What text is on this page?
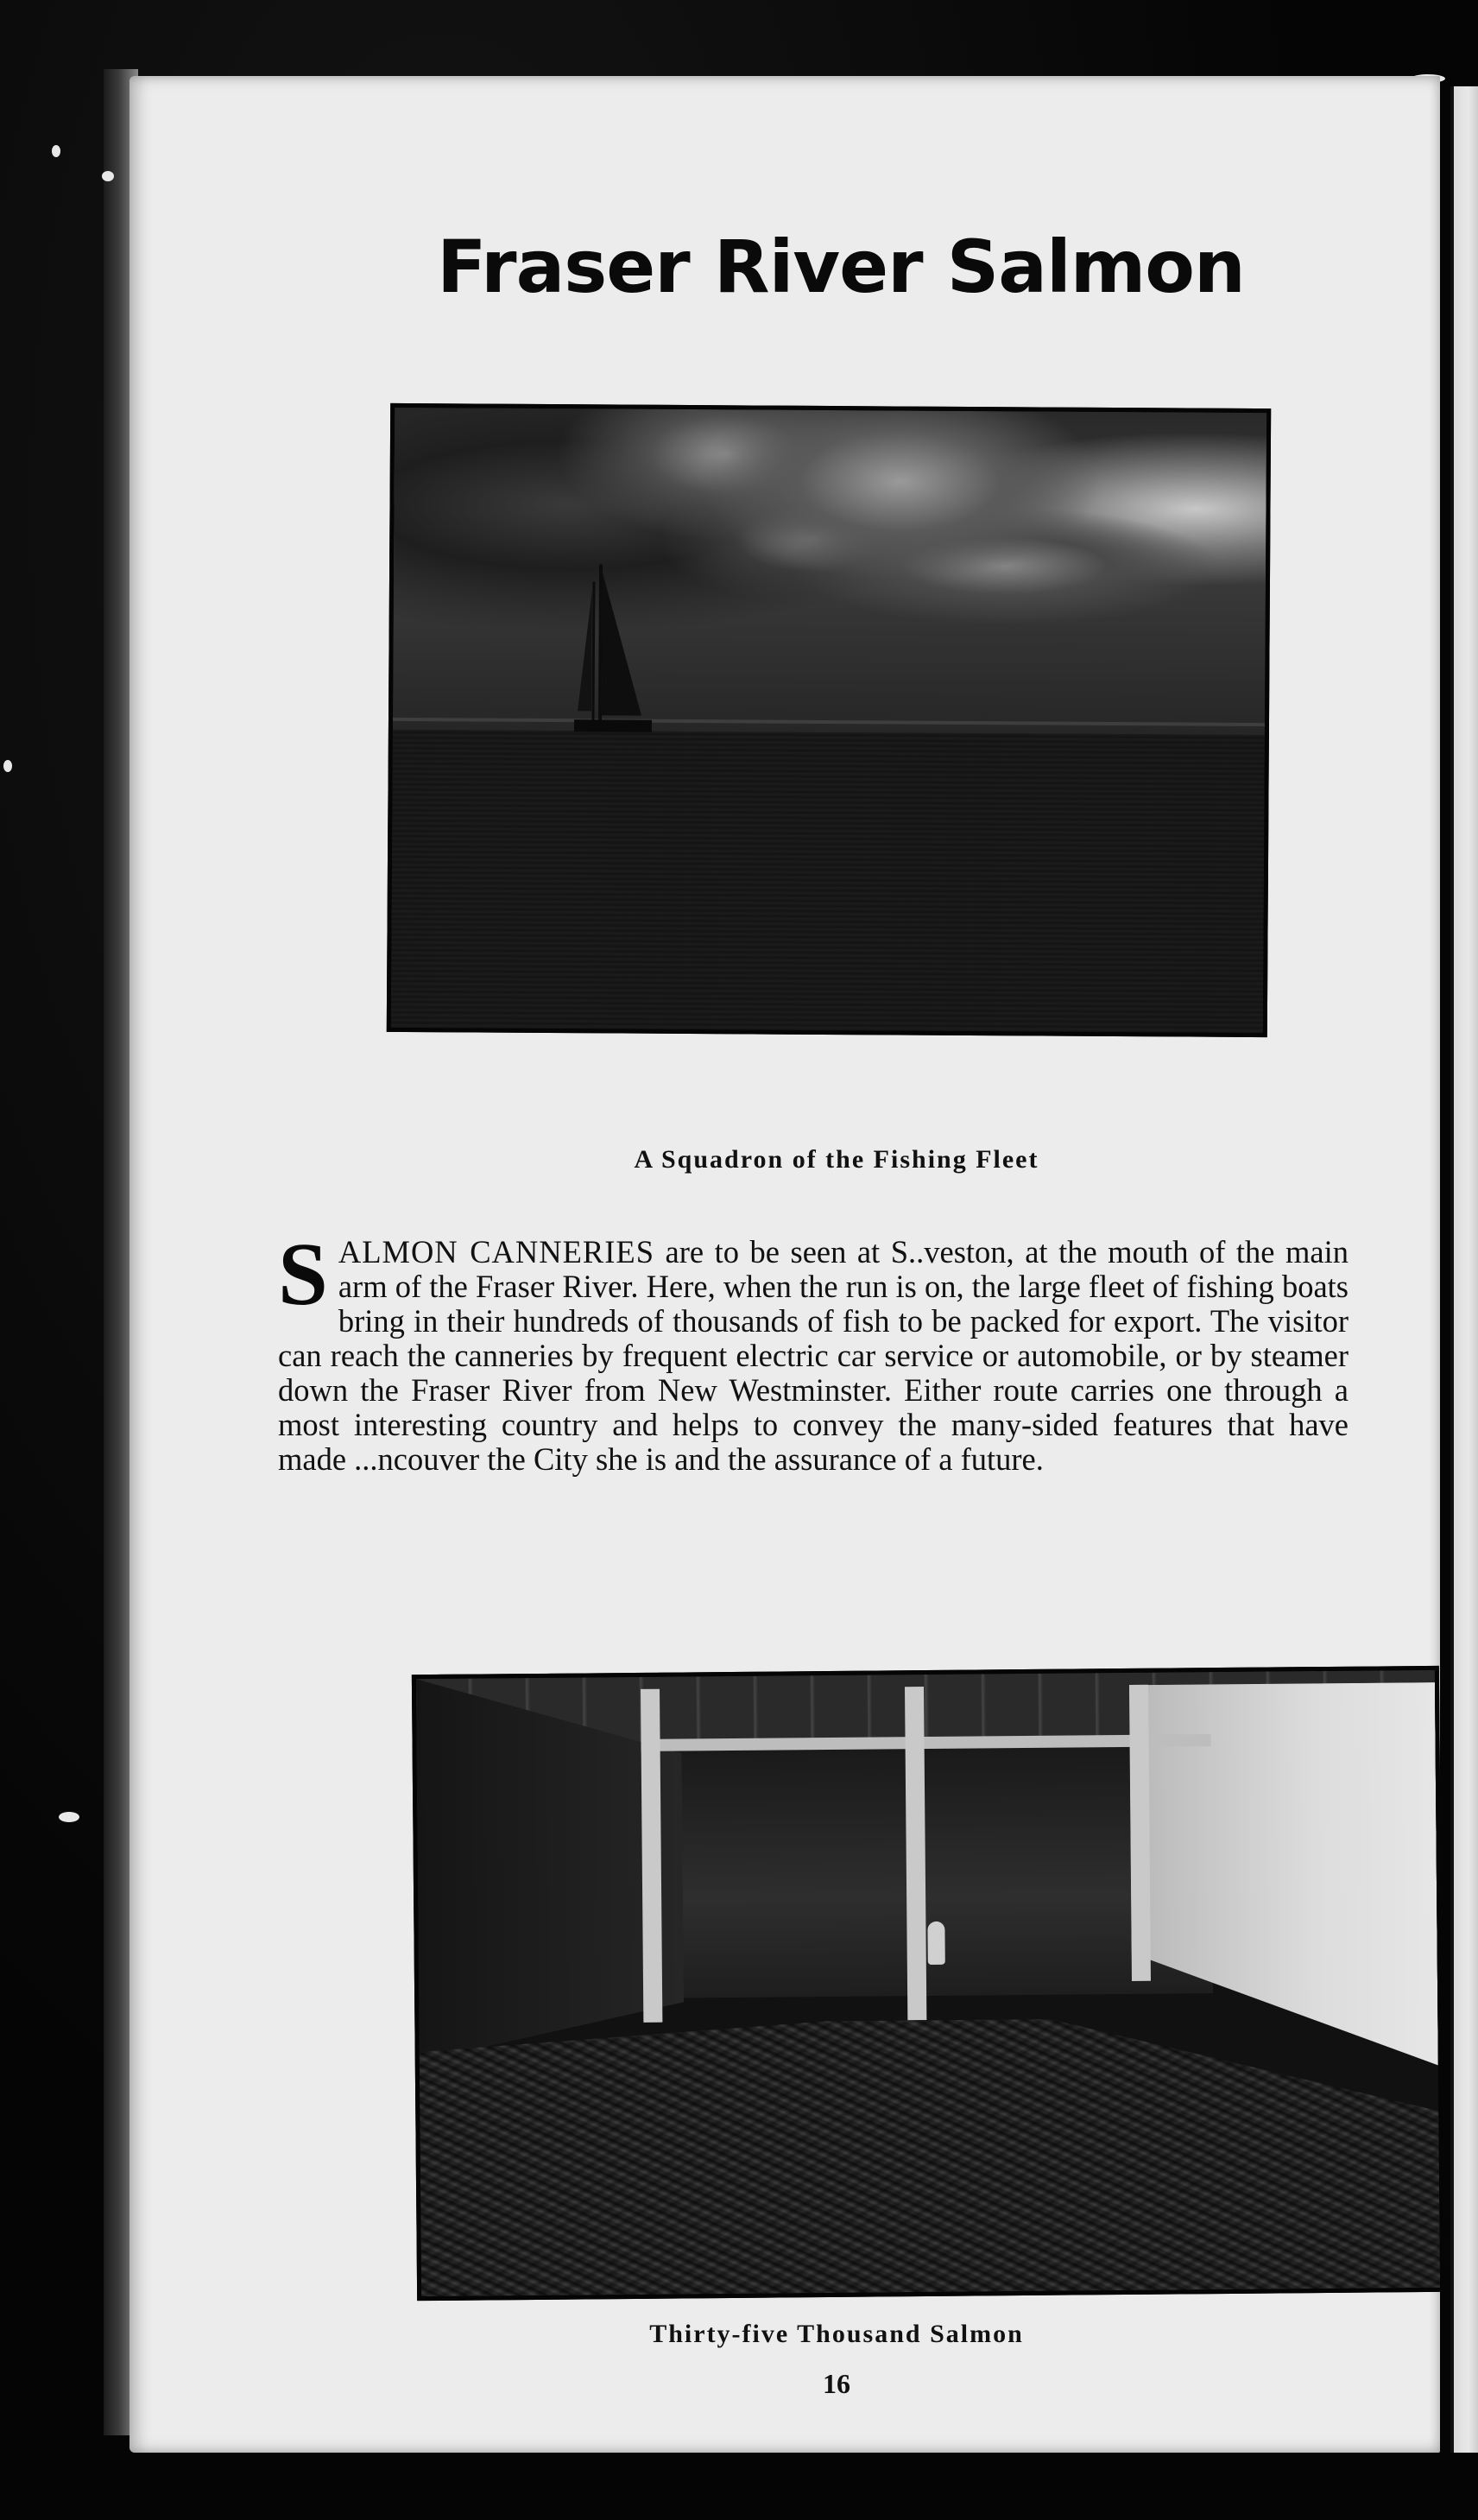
Fraser River Salmon
A Squadron of the Fishing Fleet
SALMON CANNERIES are to be seen at S..veston, at the mouth of the main arm of the Fraser River. Here, when the run is on, the large fleet of fishing boats bring in their hundreds of thousands of fish to be packed for export. The visitor can reach the canneries by frequent electric car service or automobile, or by steamer down the Fraser River from New Westminster. Either route carries one through a most interesting country and helps to convey the many-sided features that have made ...ncouver the City she is and the assurance of a future.
Thirty-five Thousand Salmon
16
